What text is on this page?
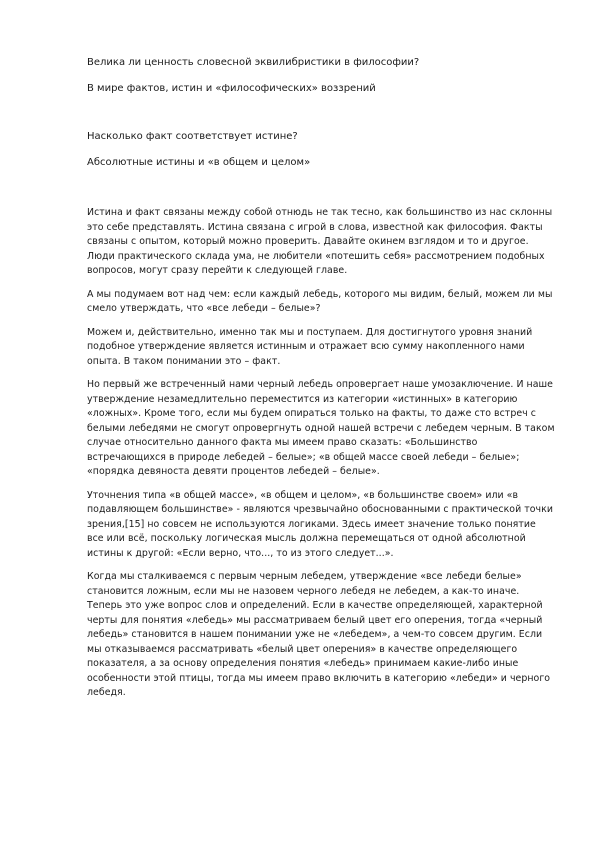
Велика ли ценность словесной эквилибристики в философии?

В мире фактов, истин и «философических» воззрений

Насколько факт соответствует истине?

Абсолютные истины и «в общем и целом»

Истина и факт связаны между собой отнюдь не так тесно, как большинство из нас склонны это себе представлять. Истина связана с игрой в слова, известной как философия. Факты связаны с опытом, который можно проверить. Давайте окинем взглядом и то и другое. Люди практического склада ума, не любители «потешить себя» рассмотрением подобных вопросов, могут сразу перейти к следующей главе.

А мы подумаем вот над чем: если каждый лебедь, которого мы видим, белый, можем ли мы смело утверждать, что «все лебеди – белые»?

Можем и, действительно, именно так мы и поступаем. Для достигнутого уровня знаний подобное утверждение является истинным и отражает всю сумму накопленного нами опыта. В таком понимании это – факт.

Но первый же встреченный нами черный лебедь опровергает наше умозаключение. И наше утверждение незамедлительно переместится из категории «истинных» в категорию «ложных». Кроме того, если мы будем опираться только на факты, то даже сто встреч с белыми лебедями не смогут опровергнуть одной нашей встречи с лебедем черным. В таком случае относительно данного факта мы имеем право сказать: «Большинство встречающихся в природе лебедей – белые»; «в общей массе своей лебеди – белые»; «порядка девяноста девяти процентов лебедей – белые».

Уточнения типа «в общей массе», «в общем и целом», «в большинстве своем» или «в подавляющем большинстве» - являются чрезвычайно обоснованными с практической точки зрения,[15] но совсем не используются логиками. Здесь имеет значение только понятие все или всё, поскольку логическая мысль должна перемещаться от одной абсолютной истины к другой: «Если верно, что..., то из этого следует...».

Когда мы сталкиваемся с первым черным лебедем, утверждение «все лебеди белые» становится ложным, если мы не назовем черного лебедя не лебедем, а как-то иначе. Теперь это уже вопрос слов и определений. Если в качестве определяющей, характерной черты для понятия «лебедь» мы рассматриваем белый цвет его оперения, тогда «черный лебедь» становится в нашем понимании уже не «лебедем», а чем-то совсем другим. Если мы отказываемся рассматривать «белый цвет оперения» в качестве определяющего показателя, а за основу определения понятия «лебедь» принимаем какие-либо иные особенности этой птицы, тогда мы имеем право включить в категорию «лебеди» и черного лебедя.
